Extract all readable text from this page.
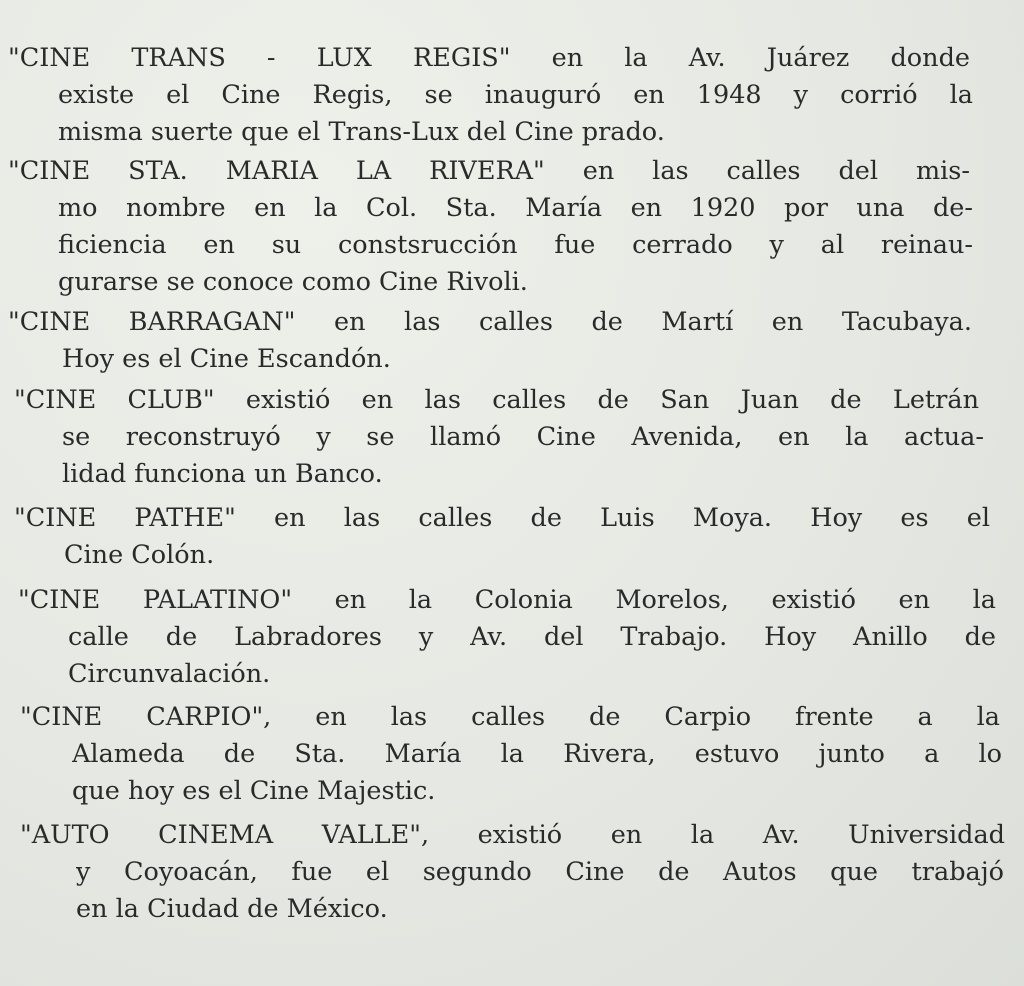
"CINE TRANS - LUX REGIS" en la Av. Juárez donde
existe el Cine Regis, se inauguró en 1948 y corrió la
misma suerte que el Trans-Lux del Cine prado.
"CINE STA. MARIA LA RIVERA" en las calles del mis-
mo nombre en la Col. Sta. María en 1920 por una de-
ficiencia en su constsrucción fue cerrado y al reinau-
gurarse se conoce como Cine Rivoli.
"CINE BARRAGAN" en las calles de Martí en Tacubaya.
Hoy es el Cine Escandón.
"CINE CLUB" existió en las calles de San Juan de Letrán
se reconstruyó y se llamó Cine Avenida, en la actua-
lidad funciona un Banco.
"CINE PATHE" en las calles de Luis Moya. Hoy es el
Cine Colón.
"CINE PALATINO" en la Colonia Morelos, existió en la
calle de Labradores y Av. del Trabajo. Hoy Anillo de
Circunvalación.
"CINE CARPIO", en las calles de Carpio frente a la
Alameda de Sta. María la Rivera, estuvo junto a lo
que hoy es el Cine Majestic.
"AUTO CINEMA VALLE", existió en la Av. Universidad
y Coyoacán, fue el segundo Cine de Autos que trabajó
en la Ciudad de México.
